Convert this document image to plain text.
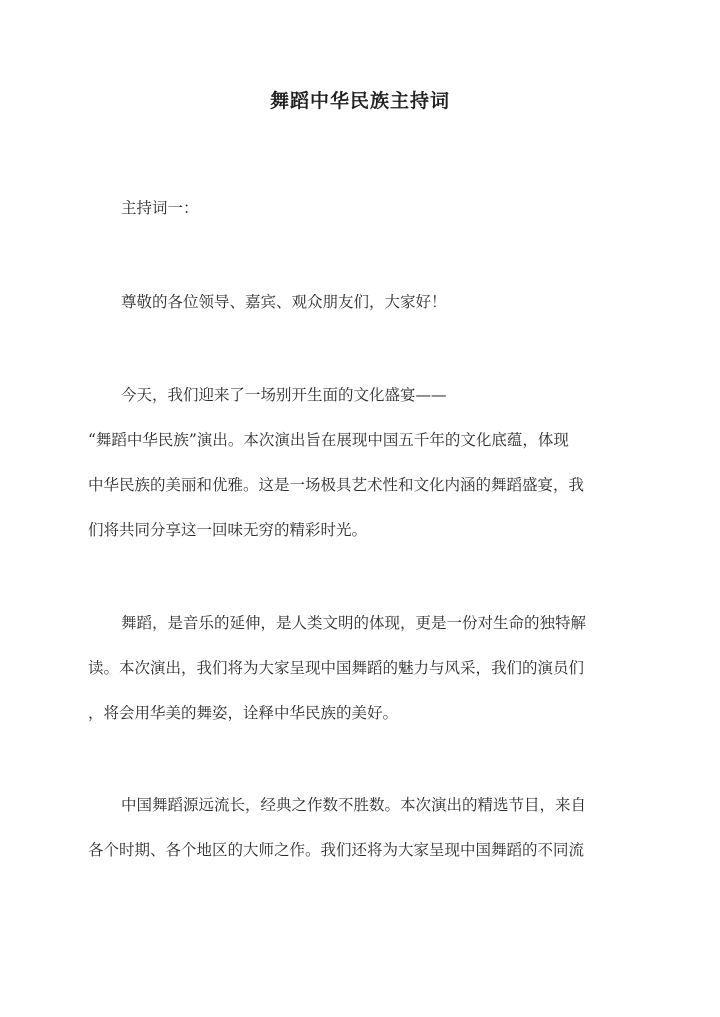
舞蹈中华民族主持词
主持词一：
尊敬的各位领导、嘉宾、观众朋友们，大家好！
今天，我们迎来了一场别开生面的文化盛宴——
“舞蹈中华民族”演出。本次演出旨在展现中国五千年的文化底蕴，体现
中华民族的美丽和优雅。这是一场极具艺术性和文化内涵的舞蹈盛宴，我
们将共同分享这一回味无穷的精彩时光。
舞蹈，是音乐的延伸，是人类文明的体现，更是一份对生命的独特解
读。本次演出，我们将为大家呈现中国舞蹈的魅力与风采，我们的演员们
，将会用华美的舞姿，诠释中华民族的美好。
中国舞蹈源远流长，经典之作数不胜数。本次演出的精选节目，来自
各个时期、各个地区的大师之作。我们还将为大家呈现中国舞蹈的不同流
